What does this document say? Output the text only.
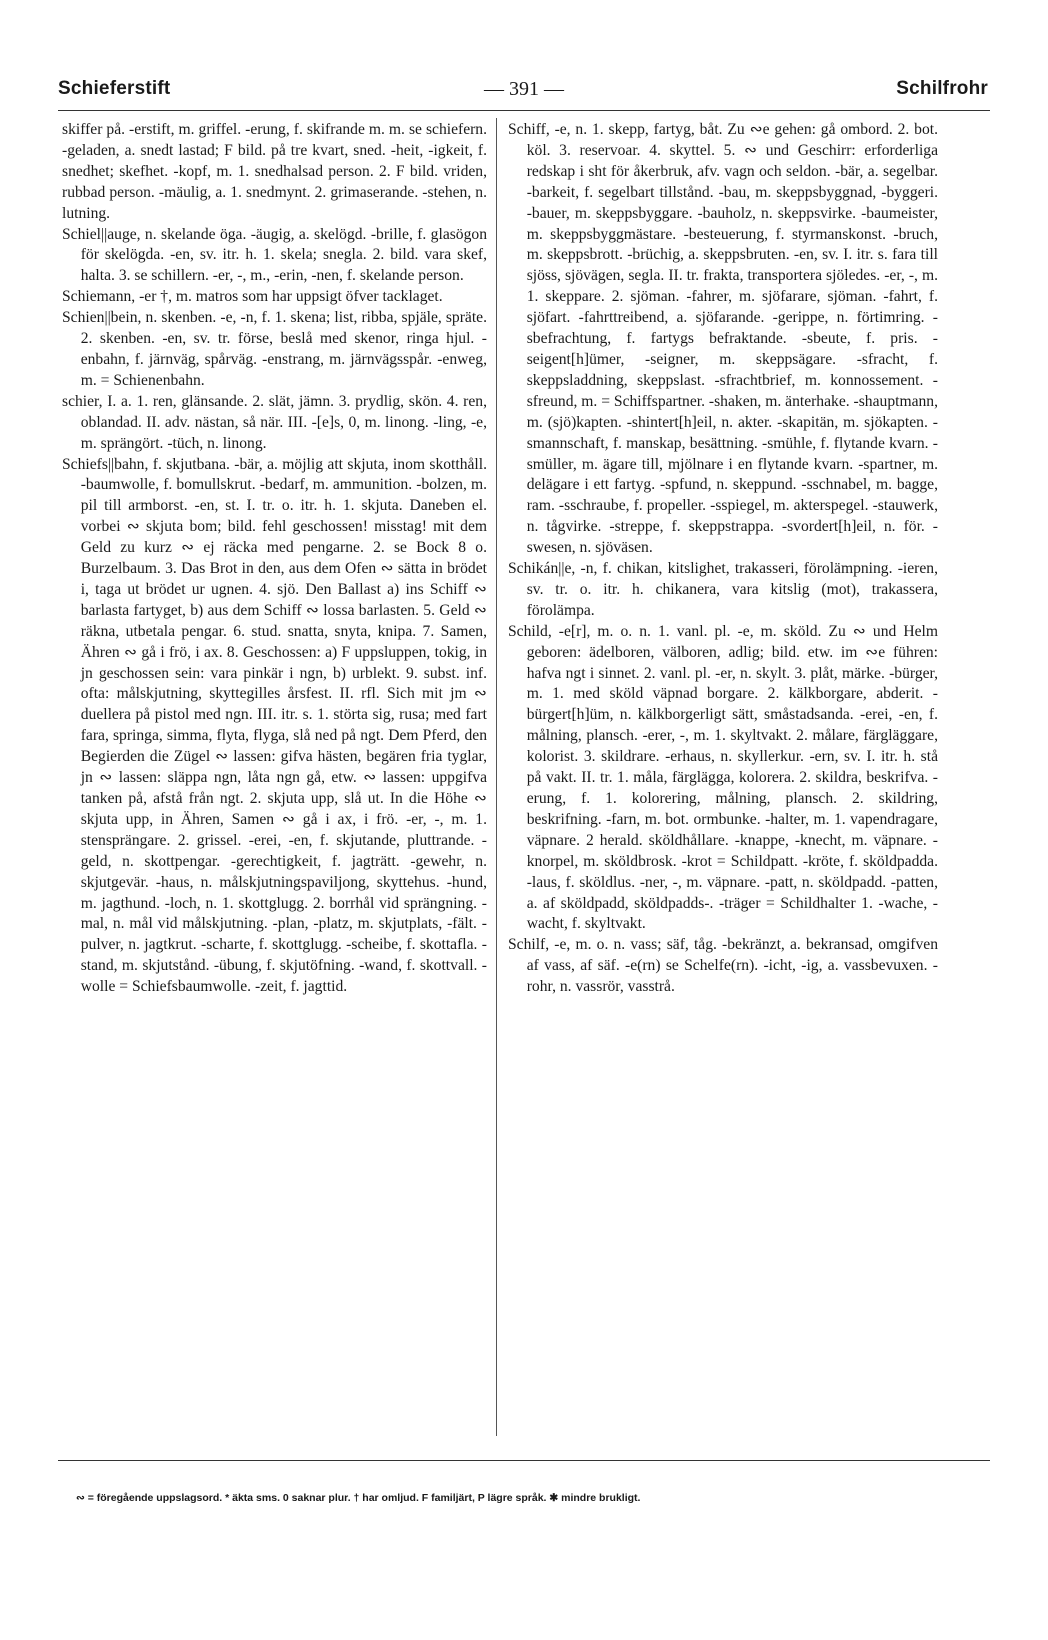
Schieferstift	— 391 —	Schilfrohr

skiffer på. -erstift, m. griffel. -erung, f. skifrande m. m. se schiefern. -geladen, a. snedt lastad; F bild. på tre kvart, sned. -heit, -igkeit, f. snedhet; skefhet. -kopf, m. 1. snedhalsad person. 2. F bild. vriden, rubbad person. -mäulig, a. 1. snedmynt. 2. grimaserande. -stehen, n. lutning.

Schiel||auge, n. skelande öga. -äugig, a. skelögd. -brille, f. glasögon för skelögda. -en, sv. itr. h. 1. skela; snegla. 2. bild. vara skef, halta. 3. se schillern. -er, -, m., -erin, -nen, f. skelande person.

Schiemann, -er †, m. matros som har uppsigt öfver tacklaget.

Schien||bein, n. skenben. -e, -n, f. 1. skena; list, ribba, spjäle, spräte. 2. skenben. -en, sv. tr. förse, beslå med skenor, ringa hjul. -enbahn, f. järnväg, spårväg. -enstrang, m. järnvägsspår. -enweg, m. = Schienenbahn.

schier, I. a. 1. ren, glänsande. 2. slät, jämn. 3. prydlig, skön. 4. ren, oblandad. II. adv. nästan, så när. III. -[e]s, 0, m. linong. -ling, -e, m. sprängört. -tüch, n. linong.

Schiefs||bahn, f. skjutbana. -bär, a. möjlig att skjuta, inom skotthåll. -baumwolle, f. bomullskrut. -bedarf, m. ammunition. -bolzen, m. pil till armborst. -en, st. I. tr. o. itr. h. 1. skjuta. Daneben el. vorbei ∾ skjuta bom; bild. fehl geschossen! misstag! mit dem Geld zu kurz ∾ ej räcka med pengarne. 2. se Bock 8 o. Burzelbaum. 3. Das Brot in den, aus dem Ofen ∾ sätta in brödet i, taga ut brödet ur ugnen. 4. sjö. Den Ballast a) ins Schiff ∾ barlasta fartyget, b) aus dem Schiff ∾ lossa barlasten. 5. Geld ∾ räkna, utbetala pengar. 6. stud. snatta, snyta, knipa. 7. Samen, Ähren ∾ gå i frö, i ax. 8. Geschossen: a) F uppsluppen, tokig, in jn geschossen sein: vara pinkär i ngn, b) urblekt. 9. subst. inf. ofta: målskjutning, skyttegilles årsfest. II. rfl. Sich mit jm ∾ duellera på pistol med ngn. III. itr. s. 1. störta sig, rusa; med fart fara, springa, simma, flyta, flyga, slå ned på ngt. Dem Pferd, den Begierden die Zügel ∾ lassen: gifva hästen, begären fria tyglar, jn ∾ lassen: släppa ngn, låta ngn gå, etw. ∾ lassen: uppgifva tanken på, afstå från ngt. 2. skjuta upp, slå ut. In die Höhe ∾ skjuta upp, in Ähren, Samen ∾ gå i ax, i frö. -er, -, m. 1. stensprängare. 2. grissel. -erei, -en, f. skjutande, pluttrande. -geld, n. skottpengar. -gerechtigkeit, f. jagträtt. -gewehr, n. skjutgevär. -haus, n. målskjutningspaviljong, skyttehus. -hund, m. jagthund. -loch, n. 1. skottglugg. 2. borrhål vid sprängning. -mal, n. mål vid målskjutning. -plan, -platz, m. skjutplats, -fält. -pulver, n. jagtkrut. -scharte, f. skottglugg. -scheibe, f. skottafla. -stand, m. skjutstånd. -übung, f. skjutöfning. -wand, f. skottvall. -wolle = Schiefsbaumwolle. -zeit, f. jagttid.

Schiff, -e, n. 1. skepp, fartyg, båt. Zu ∾e gehen: gå ombord. 2. bot. köl. 3. reservoar. 4. skyttel. 5. ∾ und Geschirr: erforderliga redskap i sht för åkerbruk, afv. vagn och seldon. -bär, a. segelbar. -barkeit, f. segelbart tillstånd. -bau, m. skeppsbyggnad, -byggeri. -bauer, m. skeppsbyggare. -bauholz, n. skeppsvirke. -baumeister, m. skeppsbyggmästare. -besteuerung, f. styrmanskonst. -bruch, m. skeppsbrott. -brüchig, a. skeppsbruten. -en, sv. I. itr. s. fara till sjöss, sjövägen, segla. II. tr. frakta, transportera sjöledes. -er, -, m. 1. skeppare. 2. sjöman. -fahrer, m. sjöfarare, sjöman. -fahrt, f. sjöfart. -fahrttreibend, a. sjöfarande. -gerippe, n. förtimring. -sbefrachtung, f. fartygs befraktande. -sbeute, f. pris. -seigent[h]ümer, -seigner, m. skeppsägare. -sfracht, f. skeppsladdning, skeppslast. -sfrachtbrief, m. konnossement. -sfreund, m. = Schiffspartner. -shaken, m. änterhake. -shauptmann, m. (sjö)kapten. -shintert[h]eil, n. akter. -skapitän, m. sjökapten. -smannschaft, f. manskap, besättning. -smühle, f. flytande kvarn. -smüller, m. ägare till, mjölnare i en flytande kvarn. -spartner, m. delägare i ett fartyg. -spfund, n. skeppund. -sschnabel, m. bagge, ram. -sschraube, f. propeller. -sspiegel, m. akterspegel. -stauwerk, n. tågvirke. -streppe, f. skeppstrappa. -svordert[h]eil, n. för. -swesen, n. sjöväsen.

Schikán||e, -n, f. chikan, kitslighet, trakasseri, förolämpning. -ieren, sv. tr. o. itr. h. chikanera, vara kitslig (mot), trakassera, förolämpa.

Schild, -e[r], m. o. n. 1. vanl. pl. -e, m. sköld. Zu ∾ und Helm geboren: ädelboren, välboren, adlig; bild. etw. im ∾e führen: hafva ngt i sinnet. 2. vanl. pl. -er, n. skylt. 3. plåt, märke. -bürger, m. 1. med sköld väpnad borgare. 2. kälkborgare, abderit. -bürgert[h]üm, n. kälkborgerligt sätt, småstadsanda. -erei, -en, f. målning, plansch. -erer, -, m. 1. skyltvakt. 2. målare, färgläggare, kolorist. 3. skildrare. -erhaus, n. skyllerkur. -ern, sv. I. itr. h. stå på vakt. II. tr. 1. måla, färglägga, kolorera. 2. skildra, beskrifva. -erung, f. 1. kolorering, målning, plansch. 2. skildring, beskrifning. -farn, m. bot. ormbunke. -halter, m. 1. vapendragare, väpnare. 2 herald. sköldhållare. -knappe, -knecht, m. väpnare. -knorpel, m. sköldbrosk. -krot = Schildpatt. -kröte, f. sköldpadda. -laus, f. sköldlus. -ner, -, m. väpnare. -patt, n. sköldpadd. -patten, a. af sköldpadd, sköldpadds-. -träger = Schildhalter 1. -wache, -wacht, f. skyltvakt.

Schilf, -e, m. o. n. vass; säf, tåg. -bekränzt, a. bekransad, omgifven af vass, af säf. -e(rn) se Schelfe(rn). -icht, -ig, a. vassbevuxen. -rohr, n. vassrör, vasstrå.

∾ = föregående uppslagsord. * äkta sms. 0 saknar plur. † har omljud. F familjärt, P lägre språk. ✱ mindre brukligt.
